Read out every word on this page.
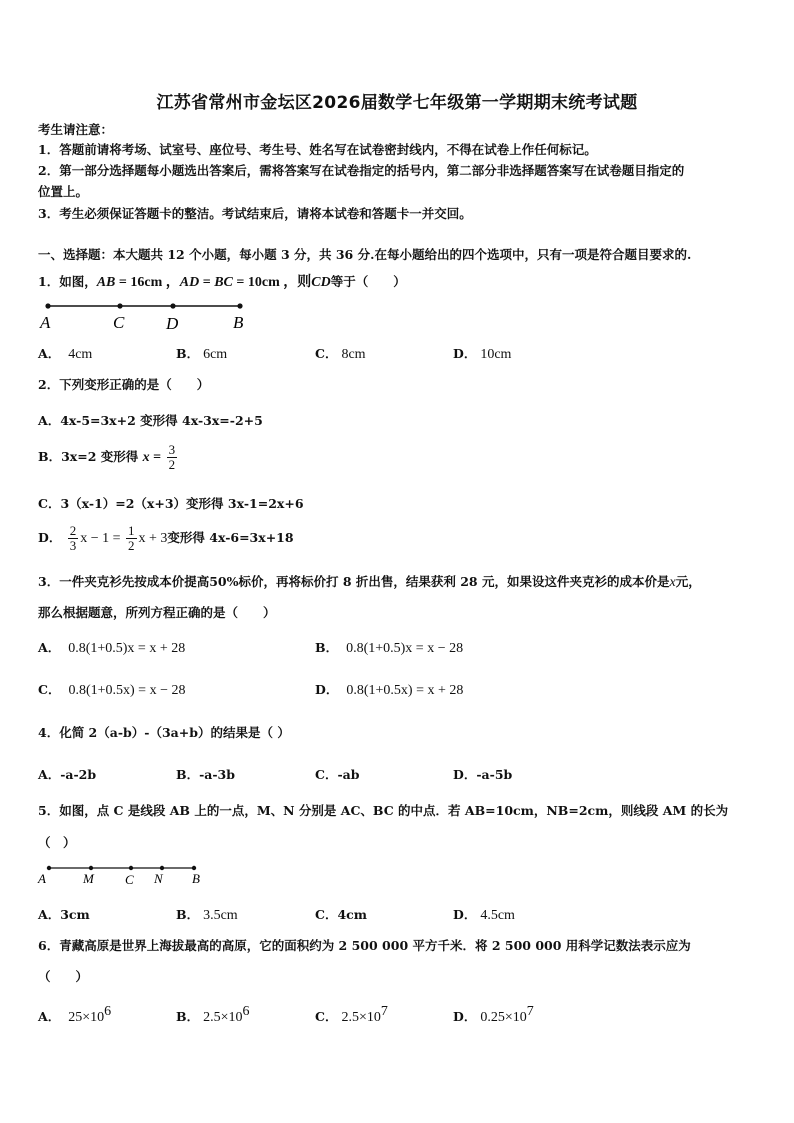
江苏省常州市金坛区2026届数学七年级第一学期期末统考试题
考生请注意：
1．答题前请将考场、试室号、座位号、考生号、姓名写在试卷密封线内，不得在试卷上作任何标记。
2．第一部分选择题每小题选出答案后，需将答案写在试卷指定的括号内，第二部分非选择题答案写在试卷题目指定的
位置上。
3．考生必须保证答题卡的整洁。考试结束后，请将本试卷和答题卡一并交回。
一、选择题：本大题共 12 个小题，每小题 3 分，共 36 分.在每小题给出的四个选项中，只有一项是符合题目要求的.
1．如图，AB = 16cm ，AD = BC = 10cm ，则CD等于（　　）
A	C D	B
A． 4cm	B． 6cm	C． 8cm	D． 10cm
2．下列变形正确的是（　　）
A．4x-5=3x+2 变形得 4x-3x=-2+5
B．3x=2 变形得 $x = \frac{3}{2}$
C．3（x-1）=2（x+3）变形得 3x-1=2x+6
D． $\frac{2}{3}$ $x - 1 = \frac{1}{2}$ x + 3变形得 4x-6=3x+18
3．一件夹克衫先按成本价提高50%标价，再将标价打 8 折出售，结果获利 28 元，如果设这件夹克衫的成本价是x元，
那么根据题意，所列方程正确的是（　　）
A． 0.8(1+0.5)x = x + 28	B． 0.8(1+0.5)x = x − 28
C． 0.8(1+0.5x) = x − 28	D． 0.8(1+0.5x) = x + 28
4．化简 2（a-b）-（3a+b）的结果是（ ）
A．-a-2b	B．-a-3b	C．-ab	D．-a-5b
5．如图，点 C 是线段 AB 上的一点，M、N 分别是 AC、BC 的中点．若 AB=10cm，NB=2cm，则线段 AM 的长为
（　）
A	M C N B
A．3cm	B． 3.5cm	C．4cm	D． 4.5cm
6．青藏高原是世界上海拔最高的高原，它的面积约为 2 500 000 平方千米．将 2 500 000 用科学记数法表示应为
（　　）
A． $25\times 10^6$	B． $2.5\times 10^6$	C． $2.5\times 10^7$	D． $0.25\times 10^7$
